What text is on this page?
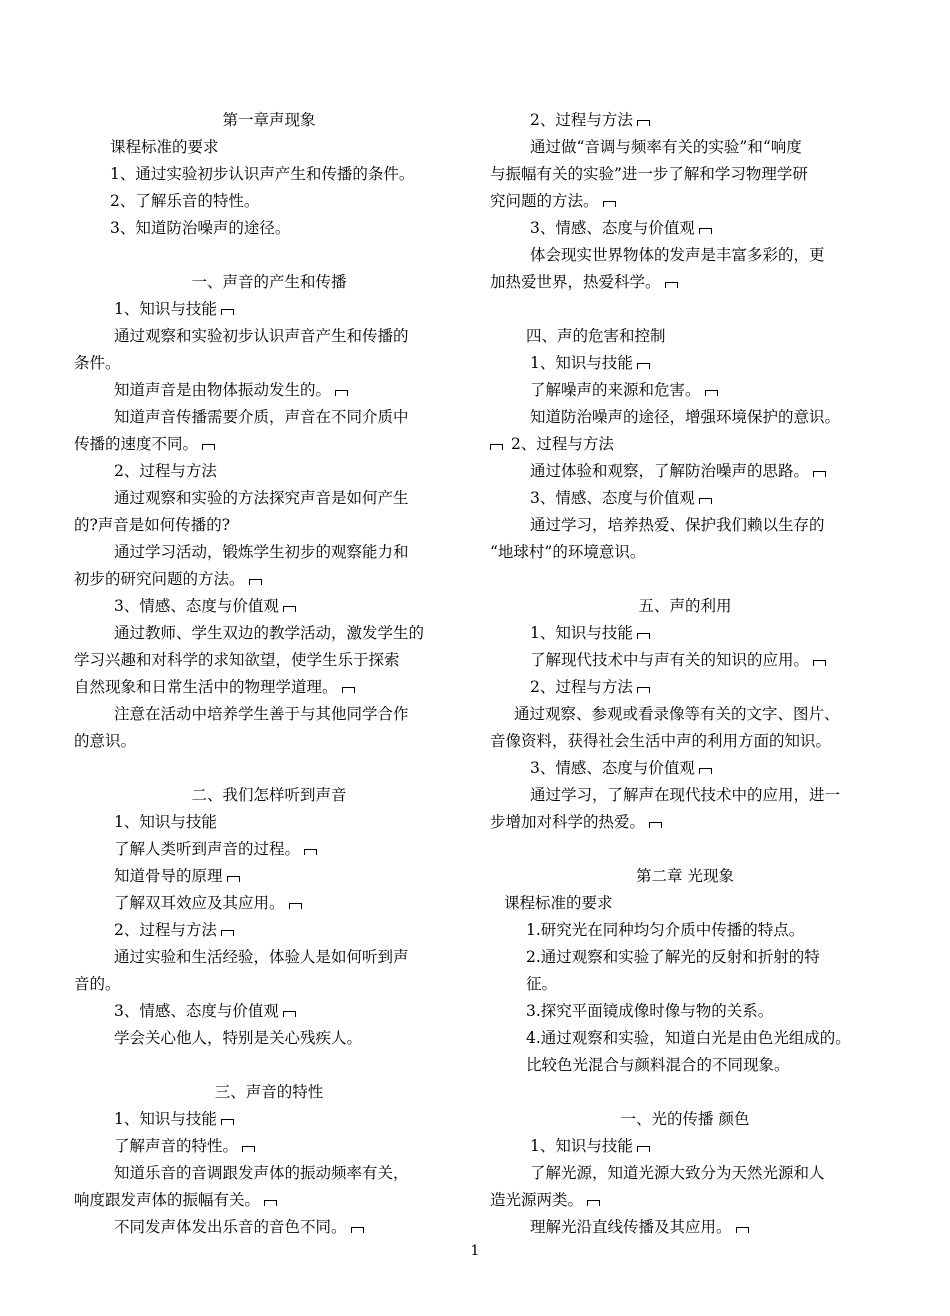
第一章声现象
课程标准的要求
1、通过实验初步认识声产生和传播的条件。
2、了解乐音的特性。
3、知道防治噪声的途径。
一、声音的产生和传播
1、知识与技能
通过观察和实验初步认识声音产生和传播的
条件。
知道声音是由物体振动发生的。
知道声音传播需要介质，声音在不同介质中
传播的速度不同。
2、过程与方法
通过观察和实验的方法探究声音是如何产生
的?声音是如何传播的?
通过学习活动，锻炼学生初步的观察能力和
初步的研究问题的方法。
3、情感、态度与价值观
通过教师、学生双边的教学活动，激发学生的
学习兴趣和对科学的求知欲望，使学生乐于探索
自然现象和日常生活中的物理学道理。
注意在活动中培养学生善于与其他同学合作
的意识。
二、我们怎样听到声音
1、知识与技能
了解人类听到声音的过程。
知道骨导的原理
了解双耳效应及其应用。
2、过程与方法
通过实验和生活经验，体验人是如何听到声
音的。
3、情感、态度与价值观
学会关心他人，特别是关心残疾人。
三、声音的特性
1、知识与技能
了解声音的特性。
知道乐音的音调跟发声体的振动频率有关，
响度跟发声体的振幅有关。
不同发声体发出乐音的音色不同。
2、过程与方法
通过做“音调与频率有关的实验”和“响度
与振幅有关的实验”进一步了解和学习物理学研
究问题的方法。
3、情感、态度与价值观
体会现实世界物体的发声是丰富多彩的，更
加热爱世界，热爱科学。
四、声的危害和控制
1、知识与技能
了解噪声的来源和危害。
知道防治噪声的途径，增强环境保护的意识。
2、过程与方法
通过体验和观察，了解防治噪声的思路。
3、情感、态度与价值观
通过学习，培养热爱、保护我们赖以生存的
“地球村”的环境意识。
五、声的利用
1、知识与技能
了解现代技术中与声有关的知识的应用。
2、过程与方法
通过观察、参观或看录像等有关的文字、图片、
音像资料，获得社会生活中声的利用方面的知识。
3、情感、态度与价值观
通过学习，了解声在现代技术中的应用，进一
步增加对科学的热爱。
第二章 光现象
课程标准的要求
1.研究光在同种均匀介质中传播的特点。
2.通过观察和实验了解光的反射和折射的特
征。
3.探究平面镜成像时像与物的关系。
4.通过观察和实验，知道白光是由色光组成的。
比较色光混合与颜料混合的不同现象。
一、光的传播 颜色
1、知识与技能
了解光源，知道光源大致分为天然光源和人
造光源两类。
理解光沿直线传播及其应用。
1
